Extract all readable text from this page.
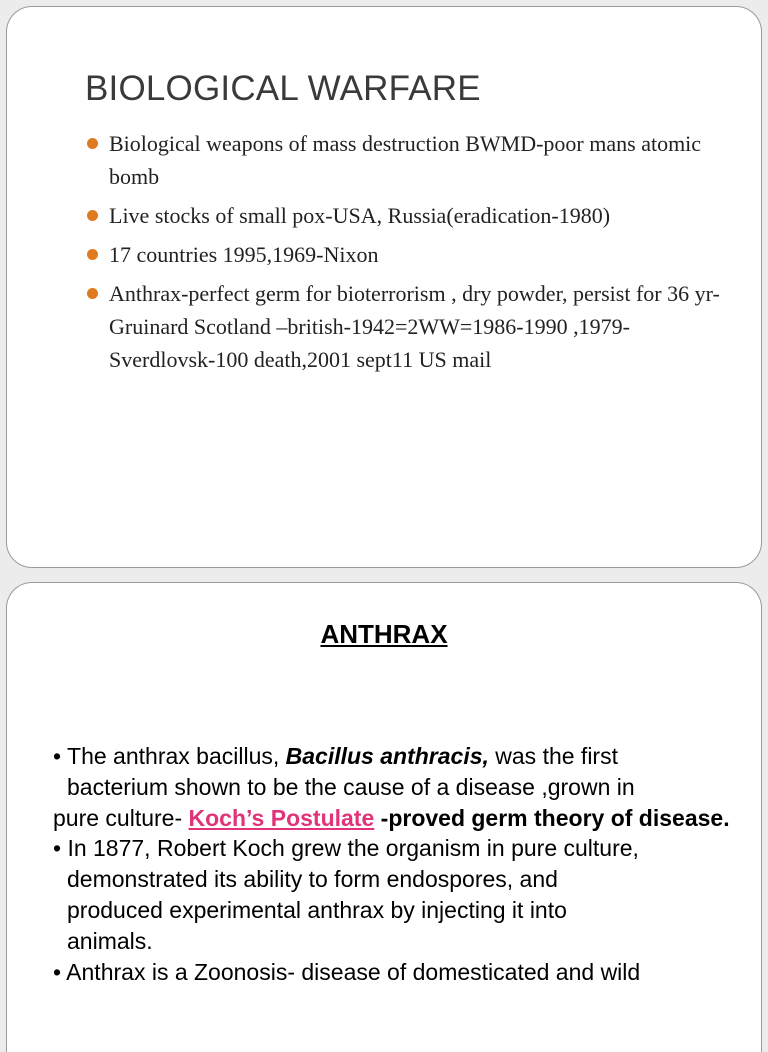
BIOLOGICAL WARFARE
Biological weapons of mass destruction BWMD-poor mans atomic bomb
Live stocks of small pox-USA, Russia(eradication-1980)
17 countries 1995,1969-Nixon
Anthrax-perfect germ for bioterrorism , dry powder, persist for 36 yr-Gruinard Scotland –british-1942=2WW=1986-1990 ,1979-Sverdlovsk-100 death,2001 sept11 US mail
ANTHRAX

• The anthrax bacillus, Bacillus anthracis, was the first
bacterium shown to be the cause of a disease ,grown in
pure culture- Koch’s Postulate -proved germ theory of disease.

• In 1877, Robert Koch grew the organism in pure culture,
demonstrated its ability to form endospores, and
produced experimental anthrax by injecting it into
animals.

• Anthrax is a Zoonosis- disease of domesticated and wild
